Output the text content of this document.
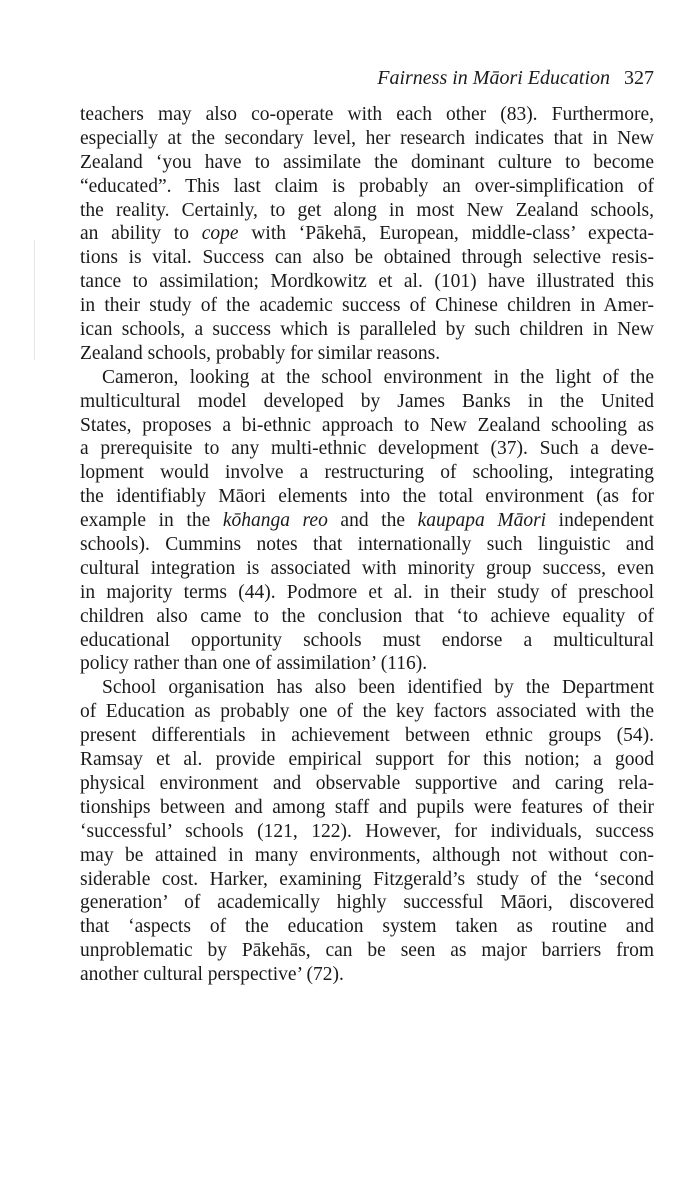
Fairness in Māori Education 327
teachers may also co-operate with each other (83). Furthermore,
especially at the secondary level, her research indicates that in New
Zealand ‘you have to assimilate the dominant culture to become
“educated”. This last claim is probably an over-simplification of
the reality. Certainly, to get along in most New Zealand schools,
an ability to cope with ‘Pākehā, European, middle-class’ expecta-
tions is vital. Success can also be obtained through selective resis-
tance to assimilation; Mordkowitz et al. (101) have illustrated this
in their study of the academic success of Chinese children in Amer-
ican schools, a success which is paralleled by such children in New
Zealand schools, probably for similar reasons.
Cameron, looking at the school environment in the light of the
multicultural model developed by James Banks in the United
States, proposes a bi-ethnic approach to New Zealand schooling as
a prerequisite to any multi-ethnic development (37). Such a deve-
lopment would involve a restructuring of schooling, integrating
the identifiably Māori elements into the total environment (as for
example in the kōhanga reo and the kaupapa Māori independent
schools). Cummins notes that internationally such linguistic and
cultural integration is associated with minority group success, even
in majority terms (44). Podmore et al. in their study of preschool
children also came to the conclusion that ‘to achieve equality of
educational opportunity schools must endorse a multicultural
policy rather than one of assimilation’ (116).
School organisation has also been identified by the Department
of Education as probably one of the key factors associated with the
present differentials in achievement between ethnic groups (54).
Ramsay et al. provide empirical support for this notion; a good
physical environment and observable supportive and caring rela-
tionships between and among staff and pupils were features of their
‘successful’ schools (121, 122). However, for individuals, success
may be attained in many environments, although not without con-
siderable cost. Harker, examining Fitzgerald’s study of the ‘second
generation’ of academically highly successful Māori, discovered
that ‘aspects of the education system taken as routine and
unproblematic by Pākehās, can be seen as major barriers from
another cultural perspective’ (72).
